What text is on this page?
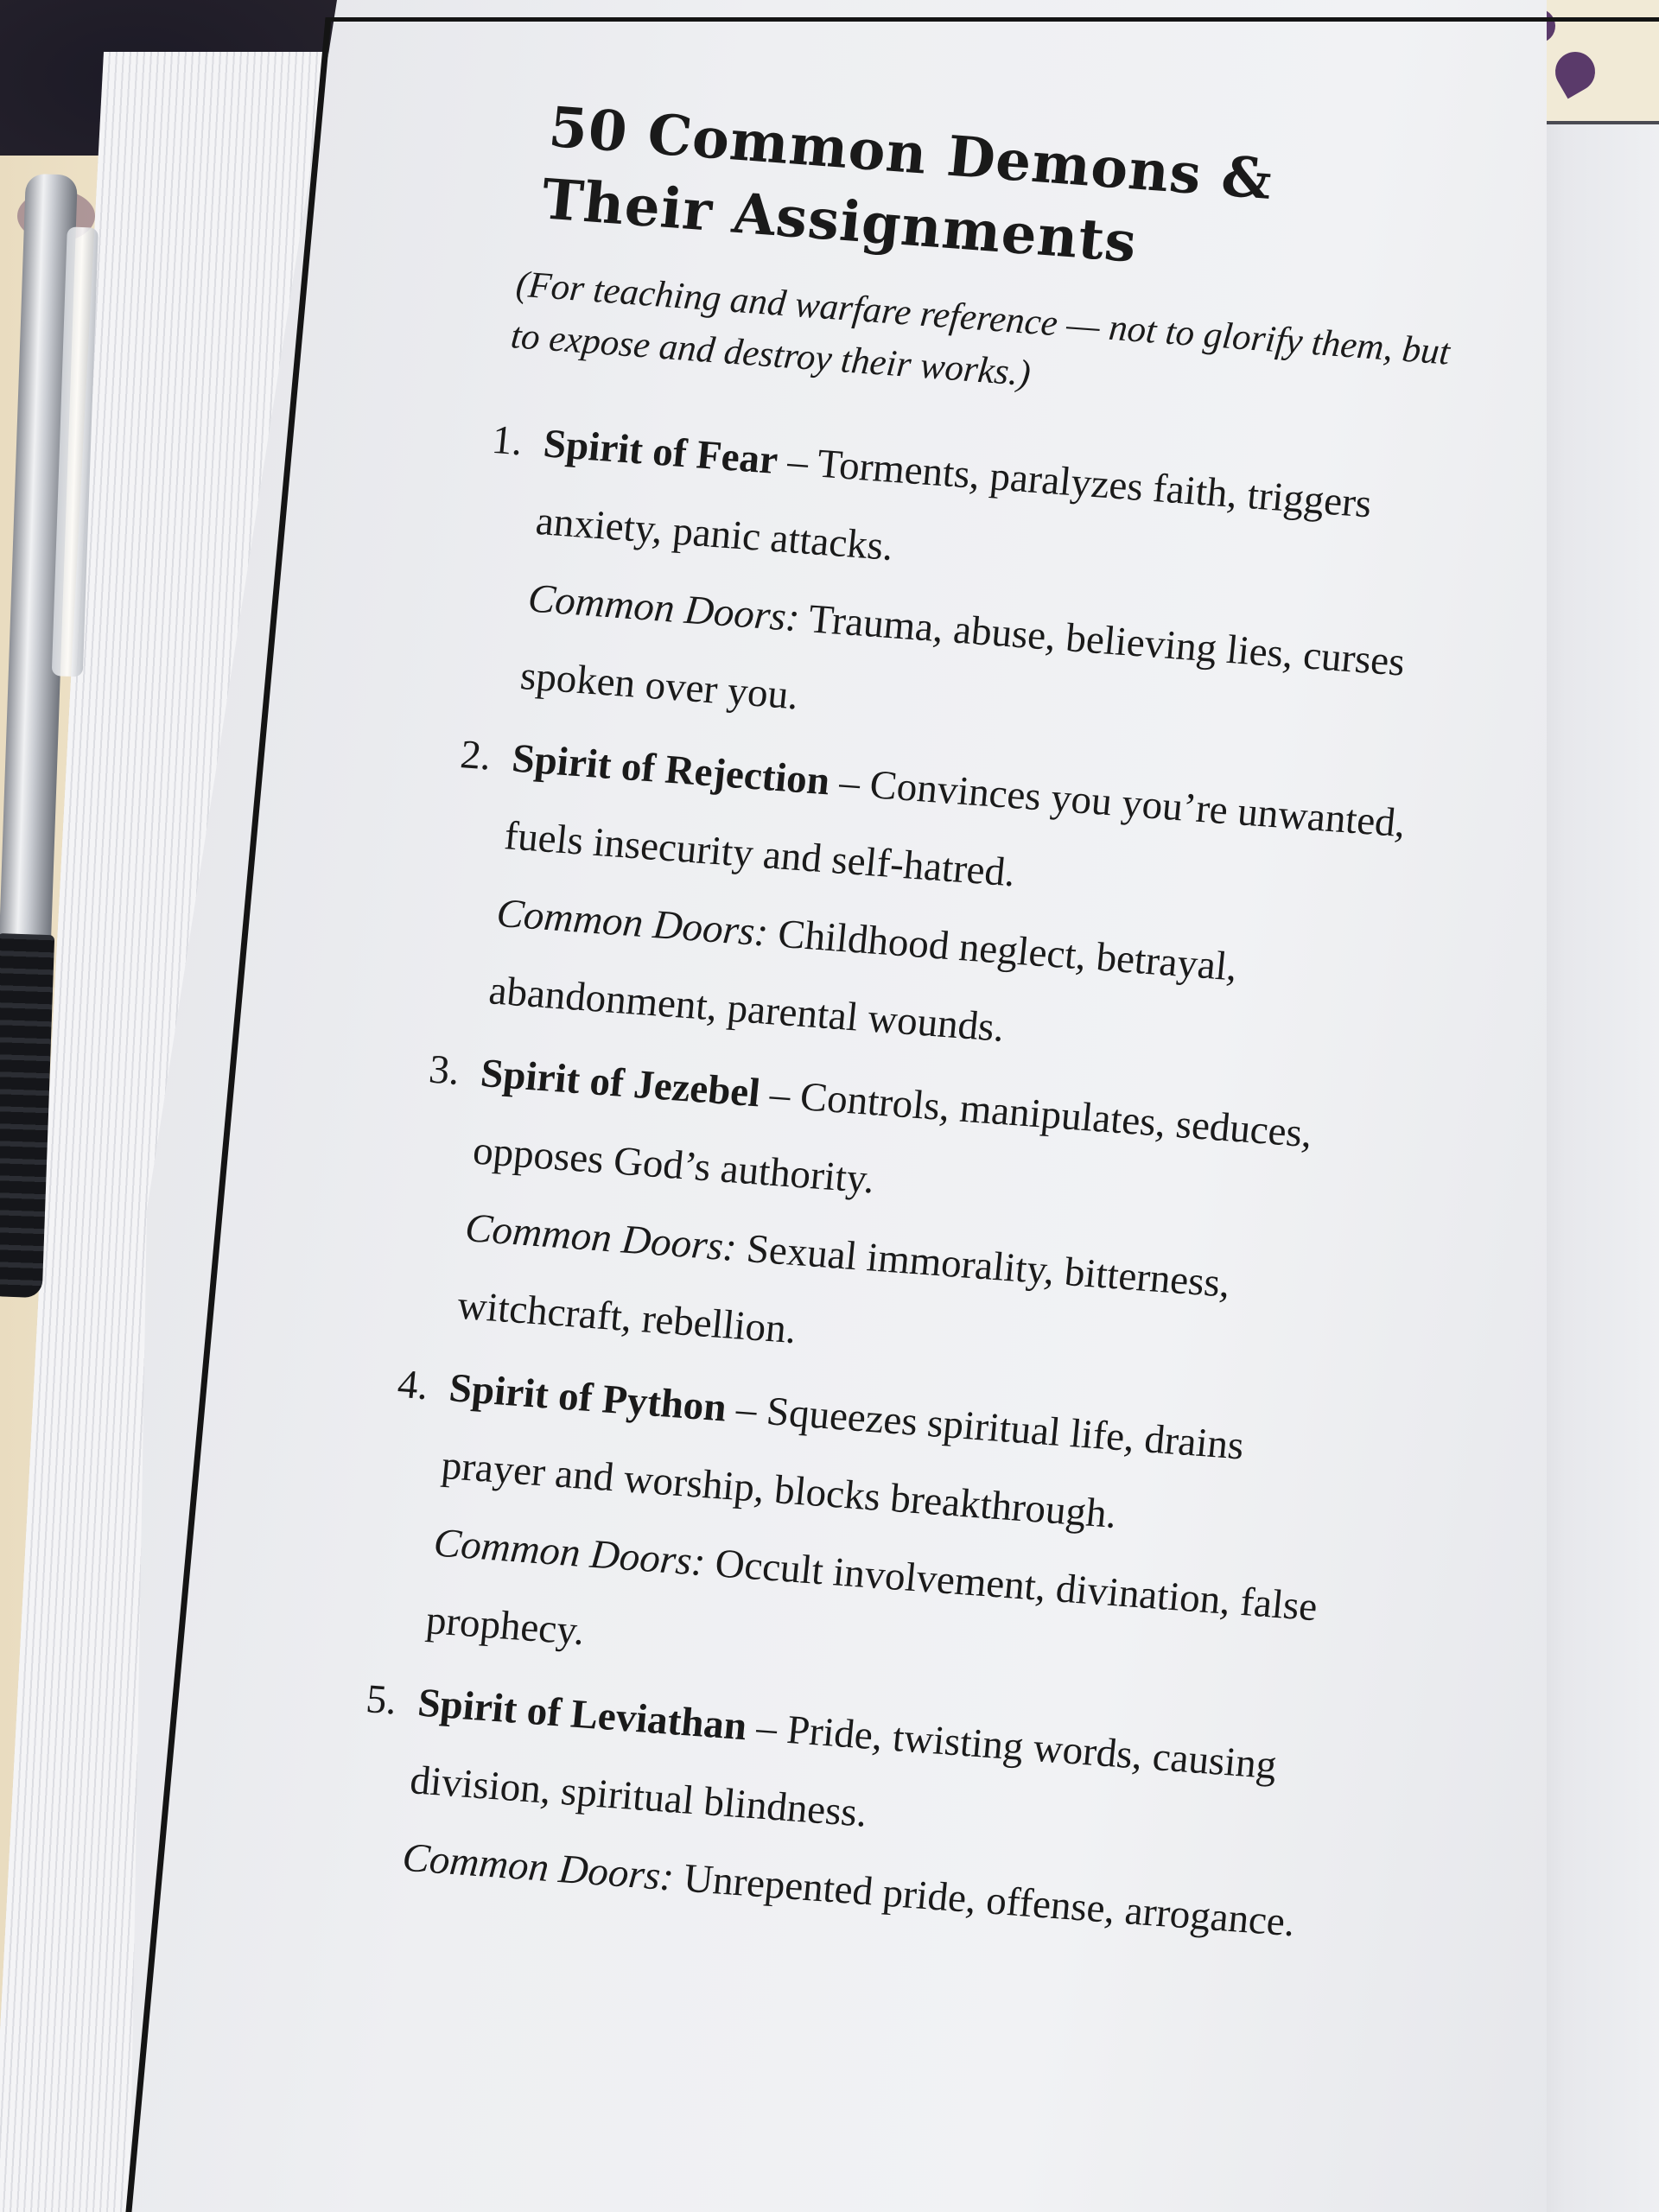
50 Common Demons & Their Assignments

(For teaching and warfare reference — not to glorify them, but to expose and destroy their works.)

1. Spirit of Fear – Torments, paralyzes faith, triggers anxiety, panic attacks.
Common Doors: Trauma, abuse, believing lies, curses spoken over you.
2. Spirit of Rejection – Convinces you you’re unwanted, fuels insecurity and self-hatred.
Common Doors: Childhood neglect, betrayal, abandonment, parental wounds.
3. Spirit of Jezebel – Controls, manipulates, seduces, opposes God’s authority.
Common Doors: Sexual immorality, bitterness, witchcraft, rebellion.
4. Spirit of Python – Squeezes spiritual life, drains prayer and worship, blocks breakthrough.
Common Doors: Occult involvement, divination, false prophecy.
5. Spirit of Leviathan – Pride, twisting words, causing division, spiritual blindness.
Common Doors: Unrepented pride, offense, arrogance.
